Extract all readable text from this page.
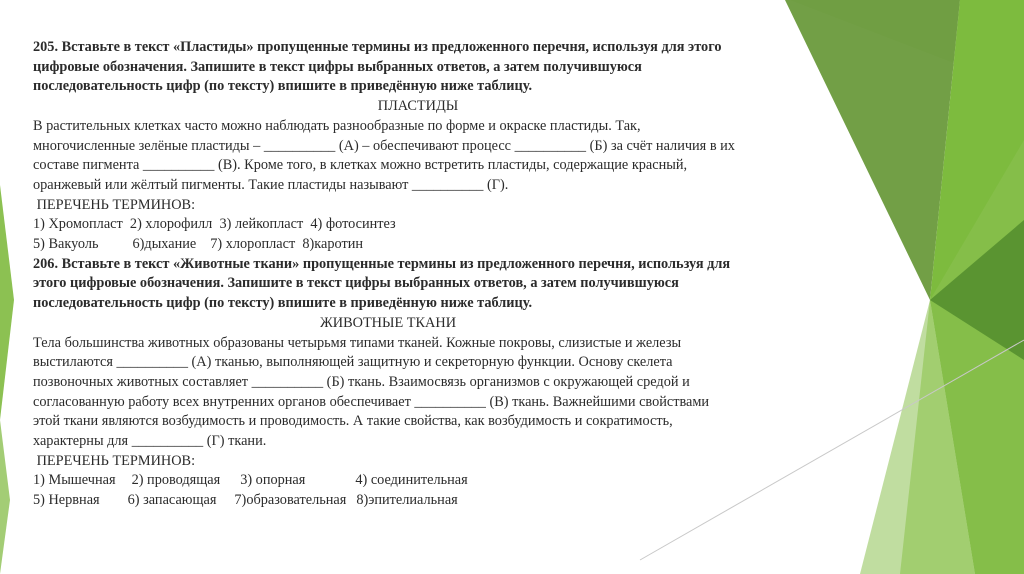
205. Вставьте в текст «Пластиды» пропущенные термины из предложенного перечня, используя для этого
цифровые обозначения. Запишите в текст цифры выбранных ответов, а затем получившуюся
последовательность цифр (по тексту) впишите в приведённую ниже таблицу.
ПЛАСТИДЫ
В растительных клетках часто можно наблюдать разнообразные по форме и окраске пластиды. Так,
многочисленные зелёные пластиды – __________ (А) – обеспечивают процесс __________ (Б) за счёт наличия в их
составе пигмента __________ (В). Кроме того, в клетках можно встретить пластиды, содержащие красный,
оранжевый или жёлтый пигменты. Такие пластиды называют __________ (Г).
ПЕРЕЧЕНЬ ТЕРМИНОВ:
1) Хромопласт 2) хлорофилл 3) лейкопласт 4) фотосинтез
5) Вакуоль 6)дыхание 7) хлоропласт 8)каротин
206. Вставьте в текст «Животные ткани» пропущенные термины из предложенного перечня, используя для
этого цифровые обозначения. Запишите в текст цифры выбранных ответов, а затем получившуюся
последовательность цифр (по тексту) впишите в приведённую ниже таблицу.
ЖИВОТНЫЕ ТКАНИ
Тела большинства животных образованы четырьмя типами тканей. Кожные покровы, слизистые и железы
выстилаются __________ (А) тканью, выполняющей защитную и секреторную функции. Основу скелета
позвоночных животных составляет __________ (Б) ткань. Взаимосвязь организмов с окружающей средой и
согласованную работу всех внутренних органов обеспечивает __________ (В) ткань. Важнейшими свойствами
этой ткани являются возбудимость и проводимость. А такие свойства, как возбудимость и сократимость,
характерны для __________ (Г) ткани.
ПЕРЕЧЕНЬ ТЕРМИНОВ:
1) Мышечная 2) проводящая 3) опорная	4) соединительная
5) Нервная 6) запасающая 7)образовательная 8)эпителиальная
